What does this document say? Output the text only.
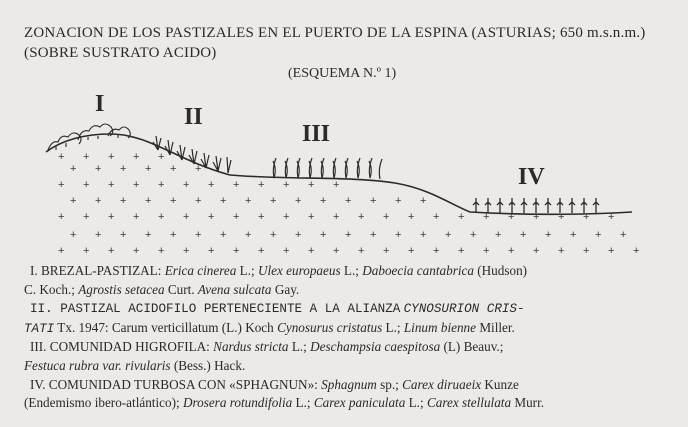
ZONACION DE LOS PASTIZALES EN EL PUERTO DE LA ESPINA (ASTURIAS; 650 m.s.n.m.)
(SOBRE SUSTRATO ACIDO)
(ESQUEMA N.º 1)
I	II
III
IV
+ + + + +
+ + + + + +
+ + + + + + + + + + + +
+ + + + + + + + + + + + + + +
+ + + + + + + + + + + + + + + + + + + + + + +
+ + + + + + + + + + + + + + + + + + + + + + +
+ + + + + + + + + + + + + + + + + + + + + + + +
I. BREZAL-PASTIZAL: Erica cinerea L.; Ulex europaeus L.; Daboecia cantabrica (Hudson)
C. Koch.; Agrostis setacea Curt. Avena sulcata Gay.
II. PASTIZAL ACIDOFILO PERTENECIENTE A LA ALIANZA CYNOSURION CRIS-
TATI Tx. 1947: Carum verticillatum (L.) Koch Cynosurus cristatus L.; Linum bienne Miller.
III. COMUNIDAD HIGROFILA: Nardus stricta L.; Deschampsia caespitosa (L) Beauv.;
Festuca rubra var. rivularis (Bess.) Hack.
IV. COMUNIDAD TURBOSA CON «SPHAGNUN»: Sphagnum sp.; Carex diruaeix Kunze
(Endemismo ibero-atlántico); Drosera rotundifolia L.; Carex paniculata L.; Carex stellulata Murr.
